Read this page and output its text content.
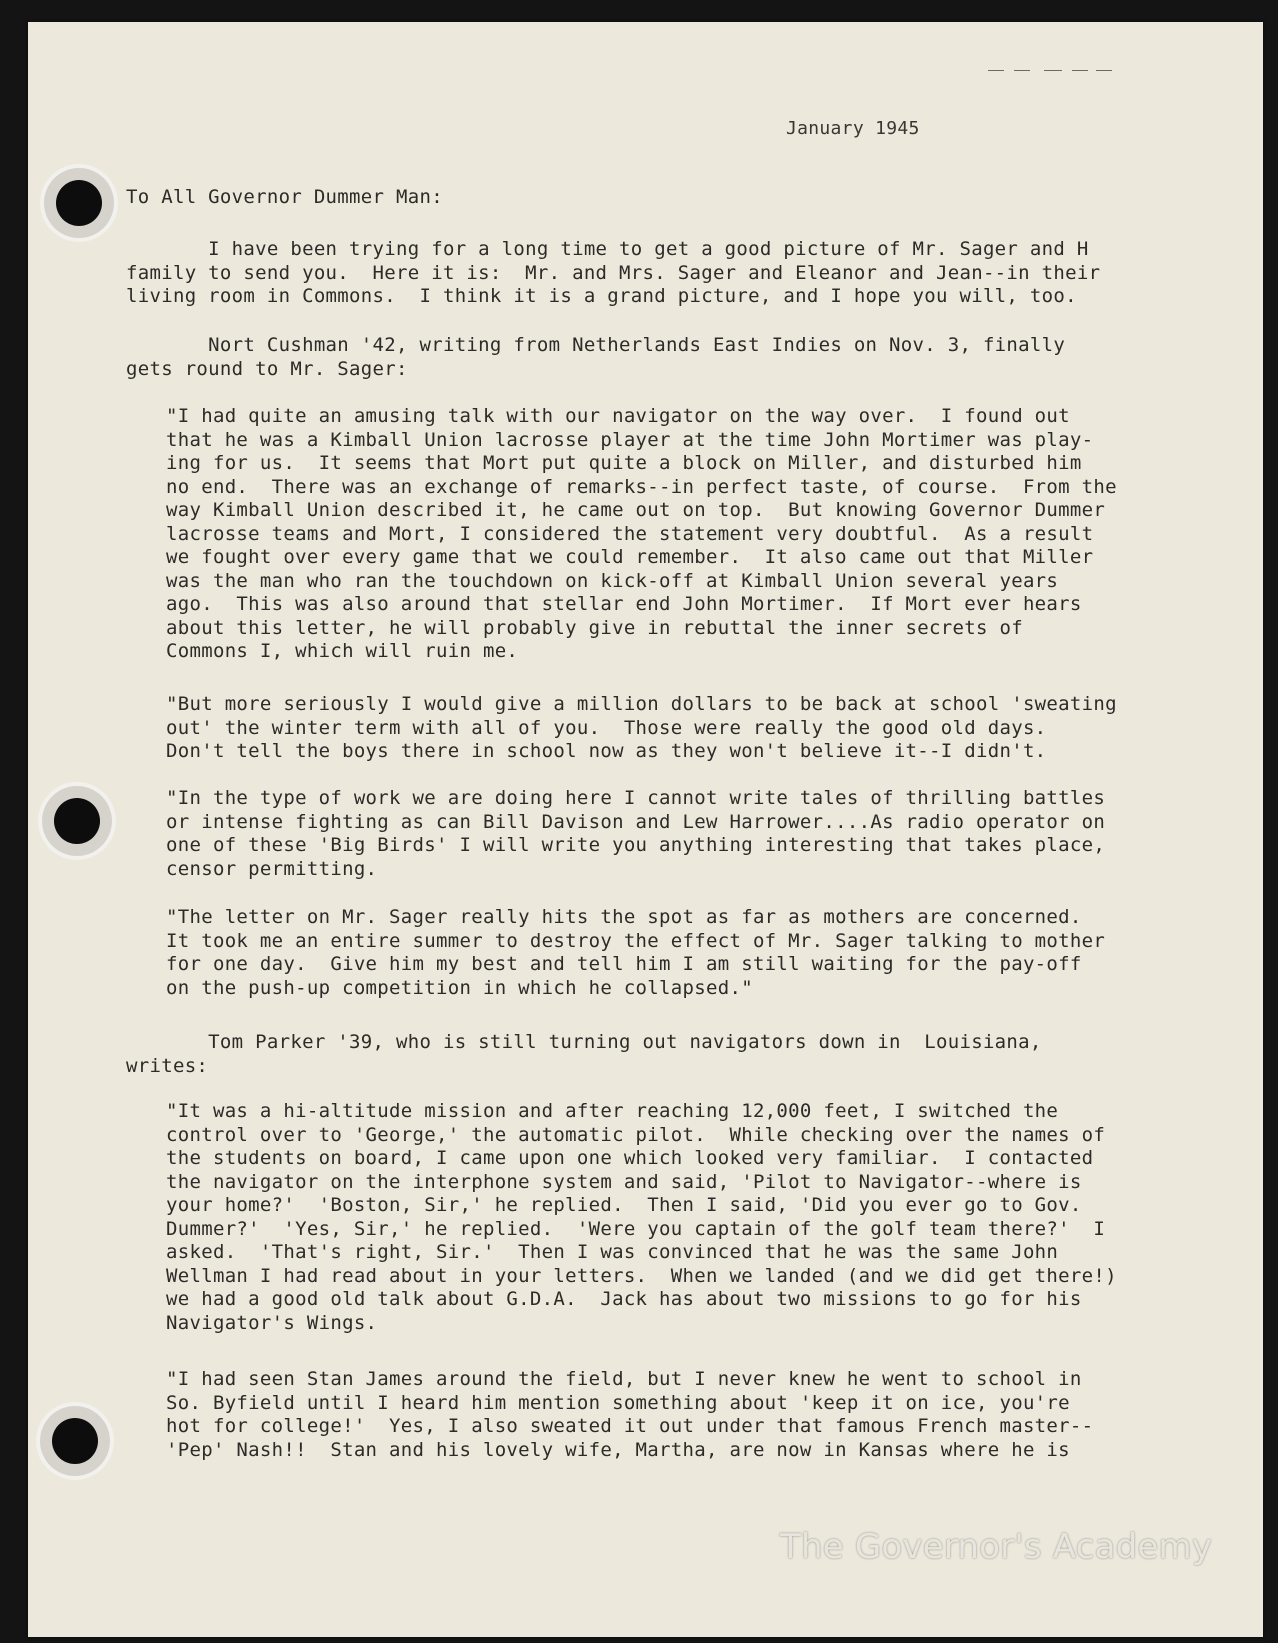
January 1945
To All Governor Dummer Man:
I have been trying for a long time to get a good picture of Mr. Sager and H
family to send you.  Here it is:  Mr. and Mrs. Sager and Eleanor and Jean--in their
living room in Commons.  I think it is a grand picture, and I hope you will, too.
Nort Cushman '42, writing from Netherlands East Indies on Nov. 3, finally
gets round to Mr. Sager:
"I had quite an amusing talk with our navigator on the way over.  I found out
that he was a Kimball Union lacrosse player at the time John Mortimer was play-
ing for us.  It seems that Mort put quite a block on Miller, and disturbed him
no end.  There was an exchange of remarks--in perfect taste, of course.  From the
way Kimball Union described it, he came out on top.  But knowing Governor Dummer
lacrosse teams and Mort, I considered the statement very doubtful.  As a result
we fought over every game that we could remember.  It also came out that Miller
was the man who ran the touchdown on kick-off at Kimball Union several years
ago.  This was also around that stellar end John Mortimer.  If Mort ever hears
about this letter, he will probably give in rebuttal the inner secrets of
Commons I, which will ruin me.
"But more seriously I would give a million dollars to be back at school 'sweating
out' the winter term with all of you.  Those were really the good old days.
Don't tell the boys there in school now as they won't believe it--I didn't.
"In the type of work we are doing here I cannot write tales of thrilling battles
or intense fighting as can Bill Davison and Lew Harrower....As radio operator on
one of these 'Big Birds' I will write you anything interesting that takes place,
censor permitting.
"The letter on Mr. Sager really hits the spot as far as mothers are concerned.
It took me an entire summer to destroy the effect of Mr. Sager talking to mother
for one day.  Give him my best and tell him I am still waiting for the pay-off
on the push-up competition in which he collapsed."
Tom Parker '39, who is still turning out navigators down in  Louisiana,
writes:
"It was a hi-altitude mission and after reaching 12,000 feet, I switched the
control over to 'George,' the automatic pilot.  While checking over the names of
the students on board, I came upon one which looked very familiar.  I contacted
the navigator on the interphone system and said, 'Pilot to Navigator--where is
your home?'  'Boston, Sir,' he replied.  Then I said, 'Did you ever go to Gov.
Dummer?'  'Yes, Sir,' he replied.  'Were you captain of the golf team there?'  I
asked.  'That's right, Sir.'  Then I was convinced that he was the same John
Wellman I had read about in your letters.  When we landed (and we did get there!)
we had a good old talk about G.D.A.  Jack has about two missions to go for his
Navigator's Wings.
"I had seen Stan James around the field, but I never knew he went to school in
So. Byfield until I heard him mention something about 'keep it on ice, you're
hot for college!'  Yes, I also sweated it out under that famous French master--
'Pep' Nash!!  Stan and his lovely wife, Martha, are now in Kansas where he is
The Governor's Academy
